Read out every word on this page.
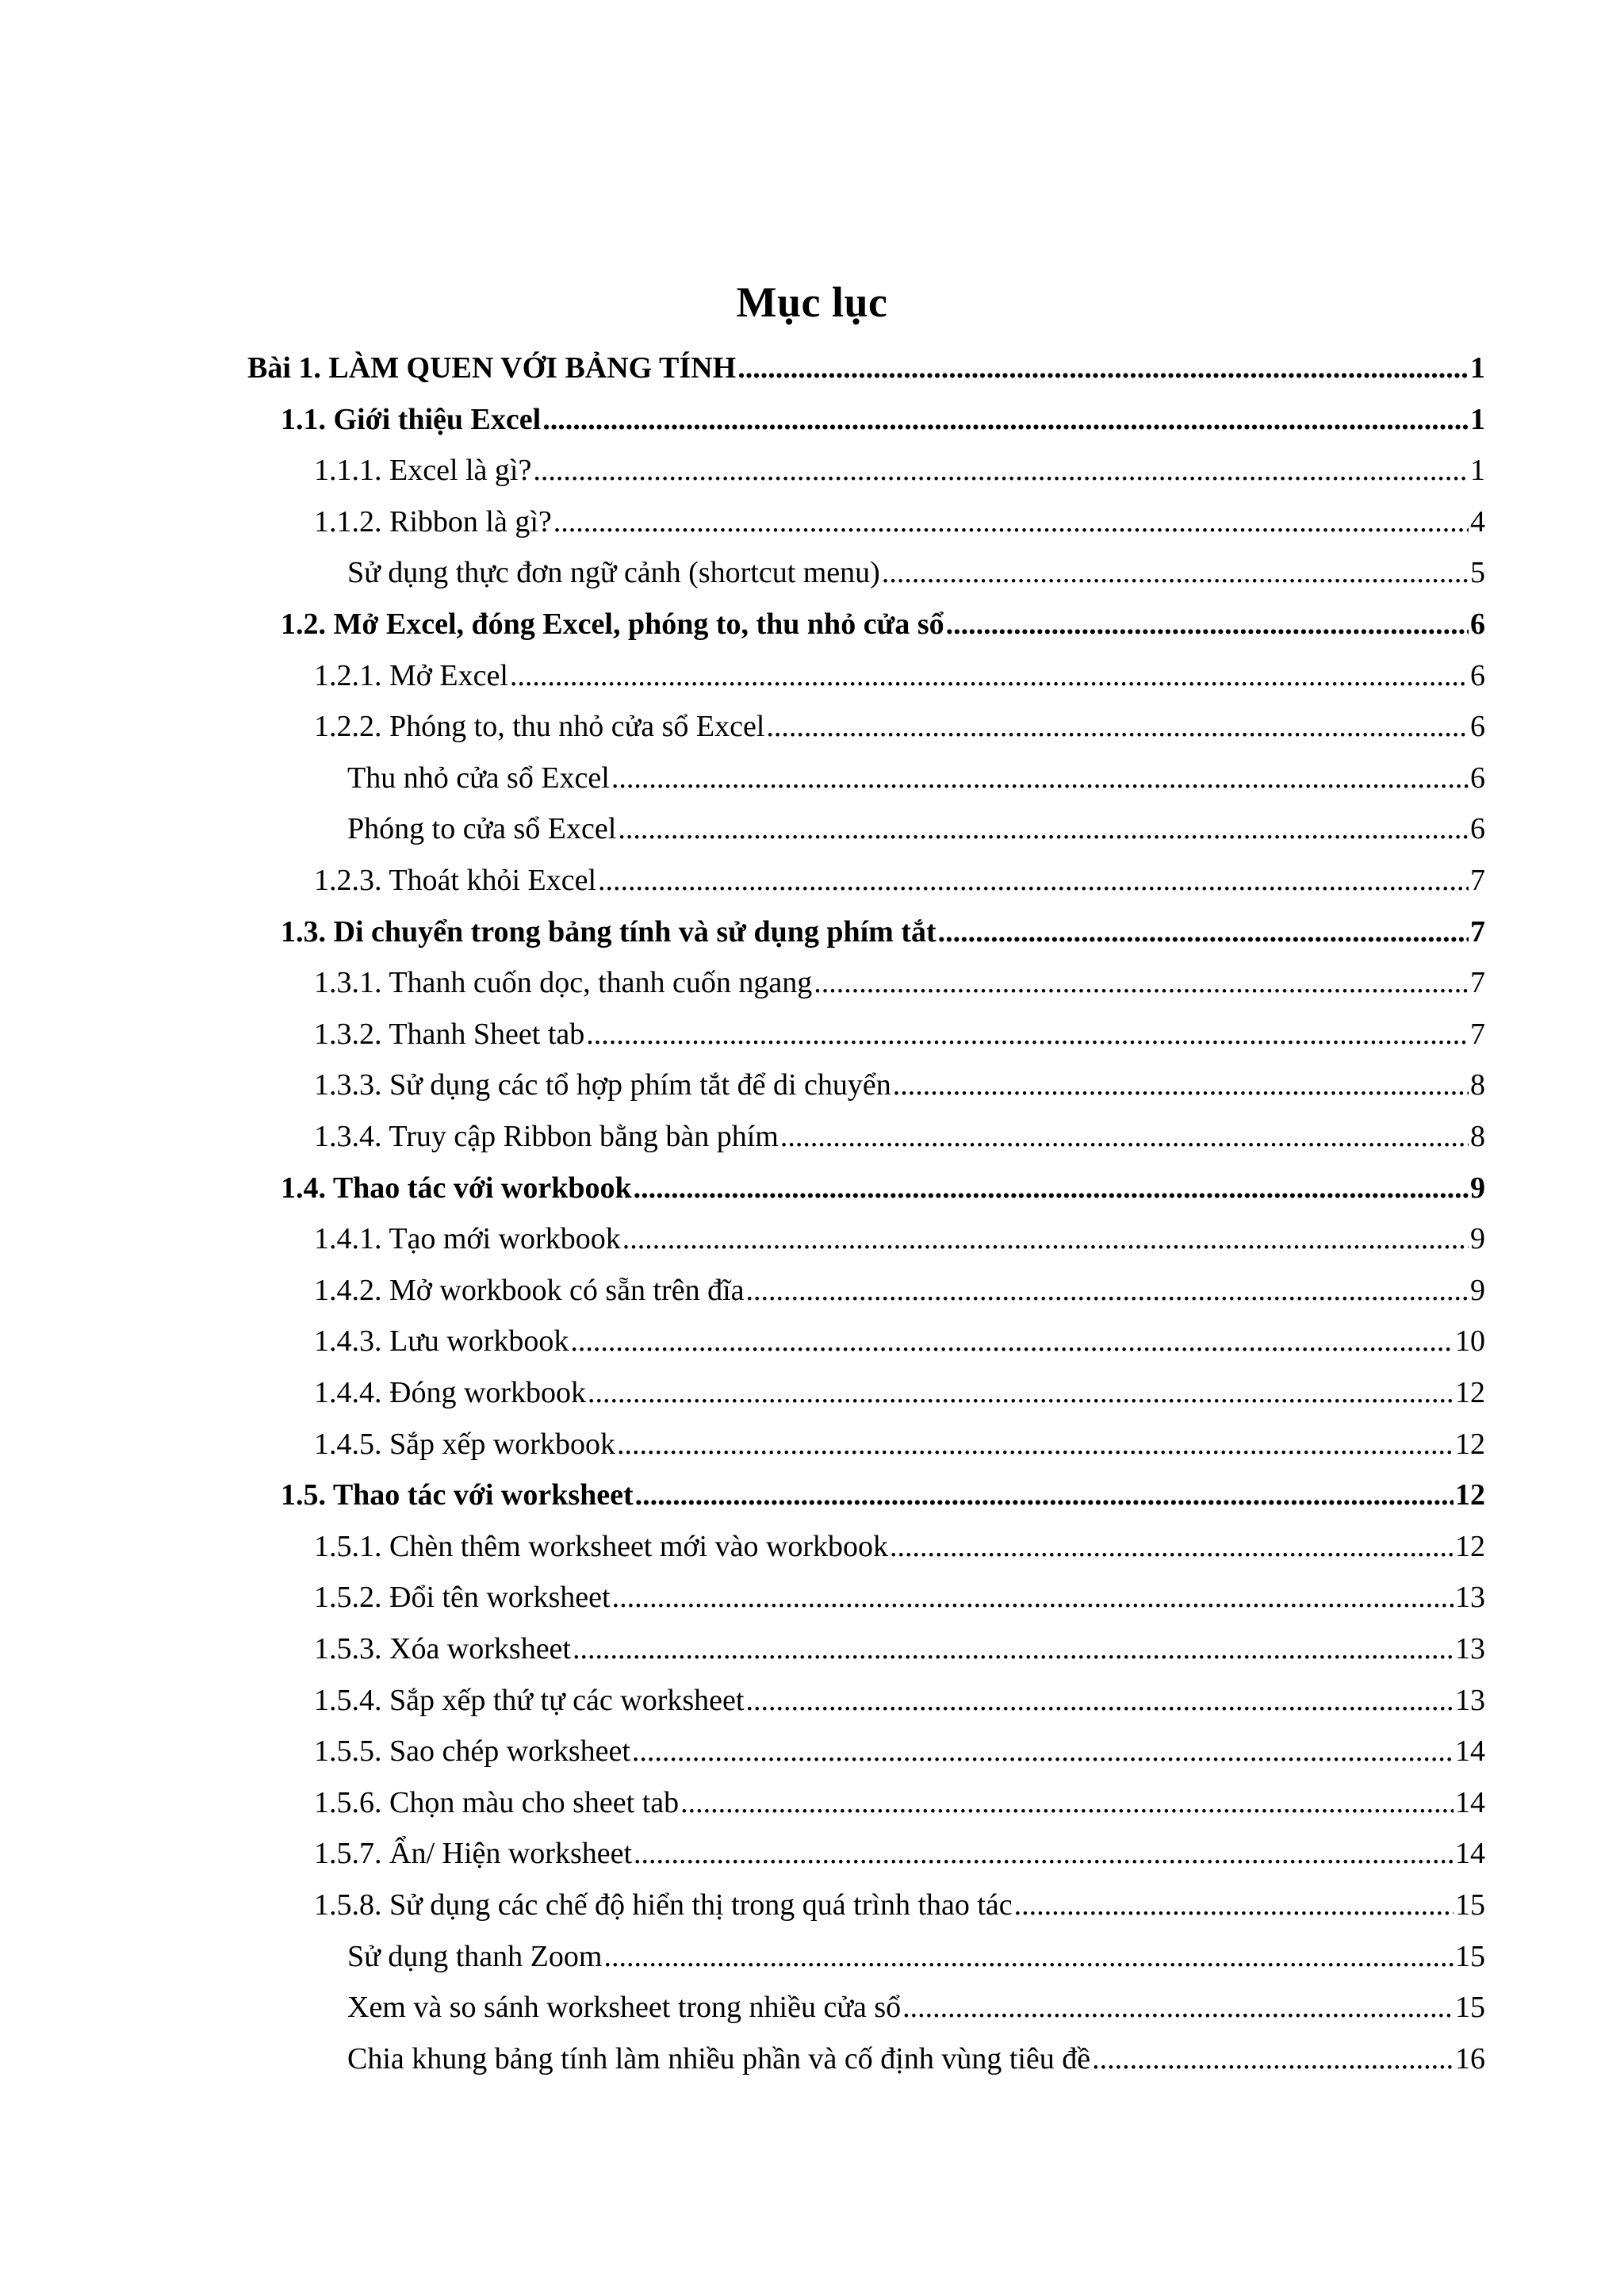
Mục lục
Bài 1. LÀM QUEN VỚI BẢNG TÍNH .....	1
1.1. Giới thiệu Excel .....	1
1.1.1. Excel là gì? .....	1
1.1.2. Ribbon là gì? .....	4
Sử dụng thực đơn ngữ cảnh (shortcut menu) .....	5
1.2. Mở Excel, đóng Excel, phóng to, thu nhỏ cửa sổ .....	6
1.2.1. Mở Excel .....	6
1.2.2. Phóng to, thu nhỏ cửa sổ Excel .....	6
Thu nhỏ cửa sổ Excel .....	6
Phóng to cửa sổ Excel .....	6
1.2.3. Thoát khỏi Excel .....	7
1.3. Di chuyển trong bảng tính và sử dụng phím tắt .....	7
1.3.1. Thanh cuốn dọc, thanh cuốn ngang .....	7
1.3.2. Thanh Sheet tab .....	7
1.3.3. Sử dụng các tổ hợp phím tắt để di chuyển .....	8
1.3.4. Truy cập Ribbon bằng bàn phím .....	8
1.4. Thao tác với workbook .....	9
1.4.1. Tạo mới workbook .....	9
1.4.2. Mở workbook có sẵn trên đĩa .....	9
1.4.3. Lưu workbook .....	10
1.4.4. Đóng workbook .....	12
1.4.5. Sắp xếp workbook .....	12
1.5. Thao tác với worksheet .....	12
1.5.1. Chèn thêm worksheet mới vào workbook .....	12
1.5.2. Đổi tên worksheet .....	13
1.5.3. Xóa worksheet .....	13
1.5.4. Sắp xếp thứ tự các worksheet .....	13
1.5.5. Sao chép worksheet .....	14
1.5.6. Chọn màu cho sheet tab .....	14
1.5.7. Ẩn/ Hiện worksheet .....	14
1.5.8. Sử dụng các chế độ hiển thị trong quá trình thao tác .....	15
Sử dụng thanh Zoom .....	15
Xem và so sánh worksheet trong nhiều cửa sổ .....	15
Chia khung bảng tính làm nhiều phần và cố định vùng tiêu đề .....	16
